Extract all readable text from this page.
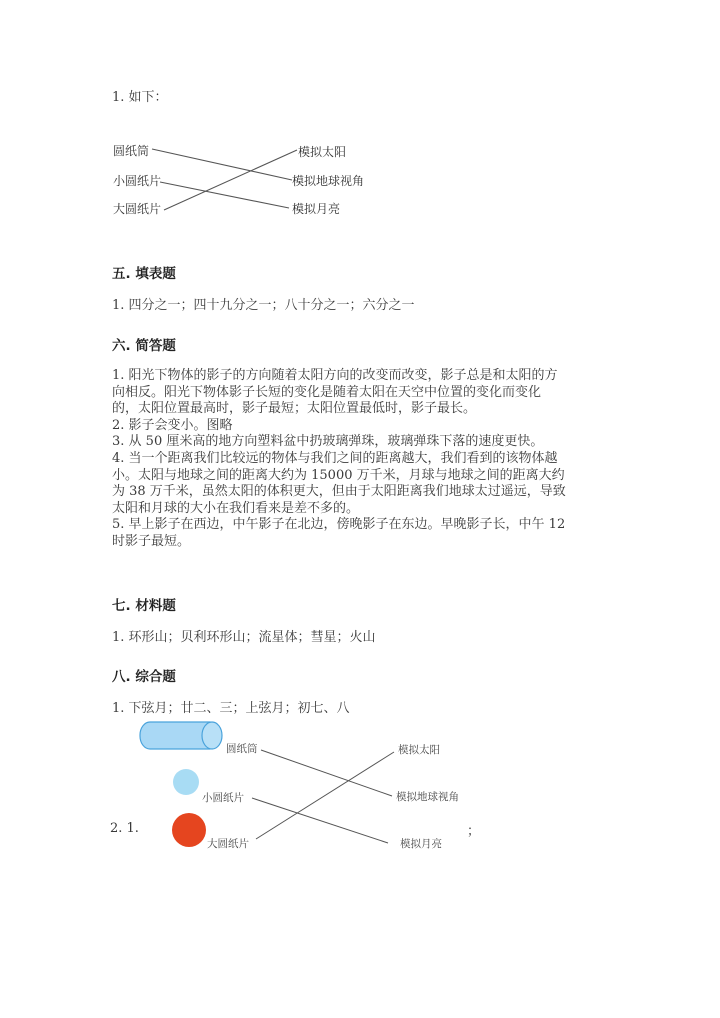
1. 如下：
圆纸筒
小圆纸片
大圆纸片
模拟太阳
模拟地球视角
模拟月亮
五. 填表题
1. 四分之一；四十九分之一；八十分之一；六分之一
六. 简答题
1. 阳光下物体的影子的方向随着太阳方向的改变而改变，影子总是和太阳的方
向相反。阳光下物体影子长短的变化是随着太阳在天空中位置的变化而变化
的，太阳位置最高时，影子最短；太阳位置最低时，影子最长。
2. 影子会变小。图略
3. 从 50 厘米高的地方向塑料盆中扔玻璃弹珠，玻璃弹珠下落的速度更快。
4. 当一个距离我们比较远的物体与我们之间的距离越大，我们看到的该物体越
小。太阳与地球之间的距离大约为 15000 万千米，月球与地球之间的距离大约
为 38 万千米，虽然太阳的体积更大，但由于太阳距离我们地球太过遥远，导致
太阳和月球的大小在我们看来是差不多的。
5. 早上影子在西边，中午影子在北边，傍晚影子在东边。早晚影子长，中午 12
时影子最短。
七. 材料题
1. 环形山；贝利环形山；流星体；彗星；火山
八. 综合题
1. 下弦月；廿二、三；上弦月；初七、八
2. 1.	；
圆纸筒
小圆纸片
大圆纸片
模拟太阳
模拟地球视角
模拟月亮
